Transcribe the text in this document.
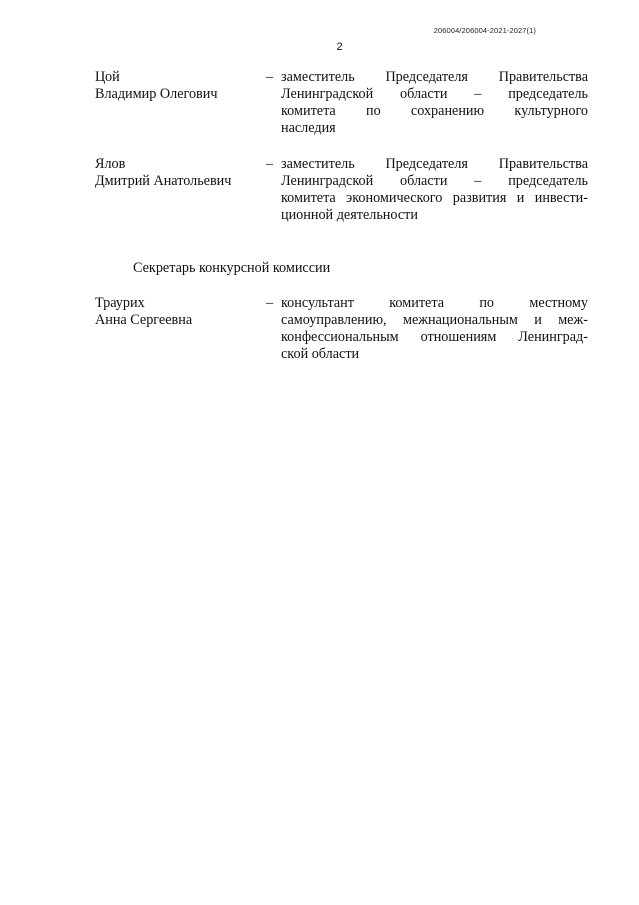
206004/206004-2021-2027(1)
2
Цой
Владимир Олегович
– заместитель Председателя Правительства
Ленинградской области – председатель
комитета по сохранению культурного
наследия
Ялов
Дмитрий Анатольевич
– заместитель Председателя Правительства
Ленинградской области – председатель
комитета экономического развития и инвести-
ционной деятельности
Секретарь конкурсной комиссии
Траурих
Анна Сергеевна
– консультант комитета по местному
самоуправлению, межнациональным и меж-
конфессиональным отношениям Ленинград-
ской области
